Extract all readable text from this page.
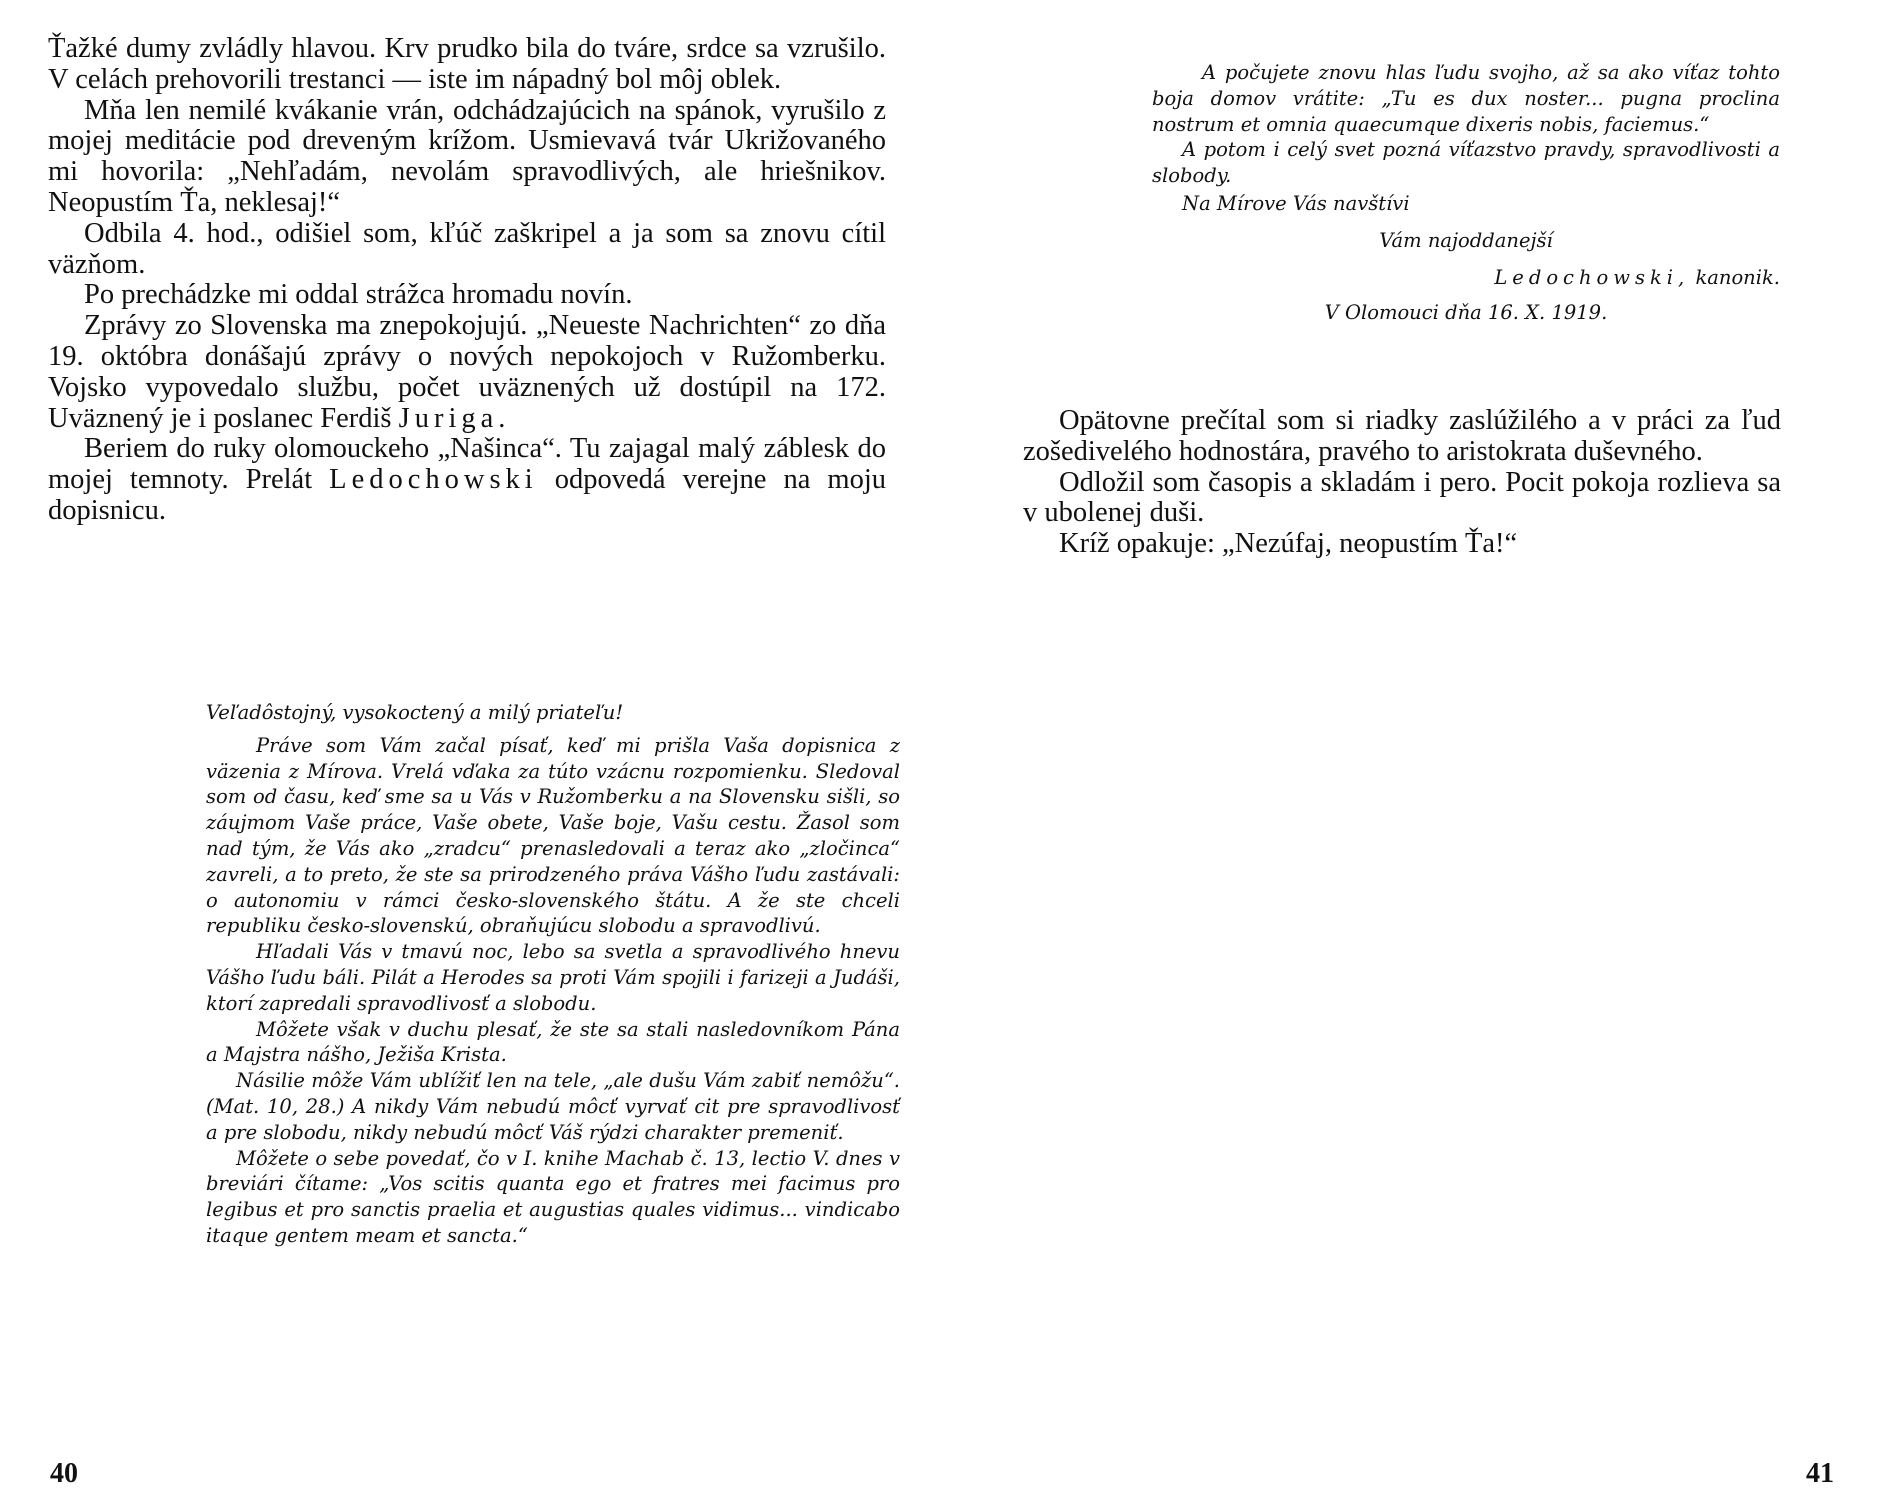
Ťažké dumy zvládly hlavou. Krv prudko bila do tváre, srdce sa vzrušilo. V celách prehovorili trestanci — iste im nápadný bol môj oblek.

Mňa len nemilé kvákanie vrán, odchádzajúcich na spánok, vyrušilo z mojej meditácie pod dreveným krížom. Usmievavá tvár Ukrižovaného mi hovorila: „Nehľadám, nevolám spravodlivých, ale hriešnikov. Neopustím Ťa, neklesaj!“

Odbila 4. hod., odišiel som, kľúč zaškripel a ja som sa znovu cítil väzňom.

Po prechádzke mi oddal strážca hromadu novín.

Zprávy zo Slovenska ma znepokojujú. „Neueste Nachrichten“ zo dňa 19. októbra donášajú zprávy o nových nepokojoch v Ružomberku. Vojsko vypovedalo službu, počet uväznených už dostúpil na 172. Uväznený je i poslanec Ferdiš Juriga.

Beriem do ruky olomouckeho „Našinca“. Tu zajagal malý záblesk do mojej temnoty. Prelát Ledochowski odpovedá verejne na moju dopisnicu.

Veľadôstojný, vysokoctený a milý priateľu!

Práve som Vám začal písať, keď mi prišla Vaša dopisnica z väzenia z Mírova. Vrelá vďaka za túto vzácnu rozpomienku. Sledoval som od času, keď sme sa u Vás v Ružomberku a na Slovensku sišli, so záujmom Vaše práce, Vaše obete, Vaše boje, Vašu cestu. Žasol som nad tým, že Vás ako „zradcu“ prenasledovali a teraz ako „zločinca“ zavreli, a to preto, že ste sa prirodzeného práva Vášho ľudu zastávali: o autonomiu v rámci česko-slovenského štátu. A že ste chceli republiku česko-slovenskú, obraňujúcu slobodu a spravodlivú.

Hľadali Vás v tmavú noc, lebo sa svetla a spravodlivého hnevu Vášho ľudu báli. Pilát a Herodes sa proti Vám spojili i farizeji a Judáši, ktorí zapredali spravodlivosť a slobodu.

Môžete však v duchu plesať, že ste sa stali nasledovníkom Pána a Majstra nášho, Ježiša Krista.

Násilie môže Vám ublížiť len na tele, „ale dušu Vám zabiť nemôžu“. (Mat. 10, 28.) A nikdy Vám nebudú môcť vyrvať cit pre spravodlivosť a pre slobodu, nikdy nebudú môcť Váš rýdzi charakter premeniť.

Môžete o sebe povedať, čo v I. knihe Machab č. 13, lectio V. dnes v breviári čítame: „Vos scitis quanta ego et fratres mei facimus pro legibus et pro sanctis praelia et augustias quales vidimus... vindicabo itaque gentem meam et sancta.“

40

A počujete znovu hlas ľudu svojho, až sa ako víťaz tohto boja domov vrátite: „Tu es dux noster... pugna proclina nostrum et omnia quaecumque dixeris nobis, faciemus.“

A potom i celý svet pozná víťazstvo pravdy, spravodlivosti a slobody.

Na Mírove Vás navštívi

Vám najoddanejší

Ledochowski, kanonik.

V Olomouci dňa 16. X. 1919.

Opätovne prečítal som si riadky zaslúžilého a v práci za ľud zošedivelého hodnostára, pravého to aristokrata duševného.

Odložil som časopis a skladám i pero. Pocit pokoja rozlieva sa v ubolenej duši.

Kríž opakuje: „Nezúfaj, neopustím Ťa!“

41
